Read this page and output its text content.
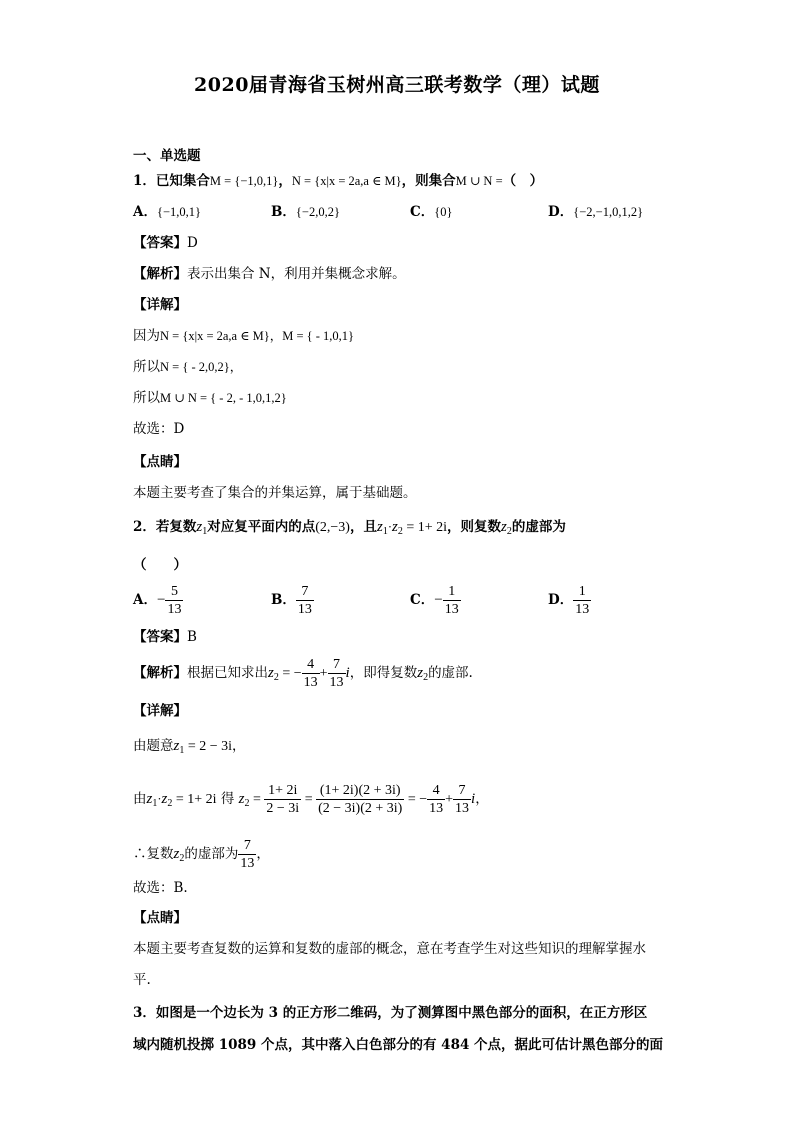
2020届青海省玉树州高三联考数学（理）试题
一、单选题
1．已知集合M = {−1,0,1}，N = {x|x = 2a,a ∈ M}，则集合M ∪ N =（　）
A．{−1,0,1}	B．{−2,0,2}	C．{0}	D．{−2,−1,0,1,2}
【答案】D
【解析】表示出集合 N，利用并集概念求解。
【详解】
因为N = {x|x = 2a,a ∈ M}，M = { - 1,0,1}
所以N = { - 2,0,2}，
所以M ∪ N = { - 2, - 1,0,1,2}
故选：D
【点睛】
本题主要考查了集合的并集运算，属于基础题。
2．若复数$z_1$对应复平面内的点(2,−3)，且$z_1\cdot z_2 = 1+ 2i$，则复数$z_2$的虚部为
（　　）
A．− $\frac{5}{13}$	B． $\frac{7}{13}$	C．− $\frac{1}{13}$	D． $\frac{1}{13}$
【答案】B
【解析】根据已知求出$z_2$ = − $\frac{4}{13} + \frac{7}{13}$ i，即得复数$z_2$的虚部.
【详解】
由题意$z_1 = 2 - 3i$，
由$z_1\cdot z_2 = 1+ 2i$ 得 $z_2 = \frac{1+ 2i}{2 - 3i} = \frac{(1+ 2i)(2 + 3i)}{(2 - 3i)(2 + 3i)}$ = − $\frac{4}{13} + \frac{7}{13}$ i，
∴复数$z_2$的虚部为 $\frac{7}{13}$ ，
故选：B.
【点睛】
本题主要考查复数的运算和复数的虚部的概念，意在考查学生对这些知识的理解掌握水
平.
3．如图是一个边长为 3 的正方形二维码，为了测算图中黑色部分的面积，在正方形区
域内随机投掷 1089 个点，其中落入白色部分的有 484 个点，据此可估计黑色部分的面
